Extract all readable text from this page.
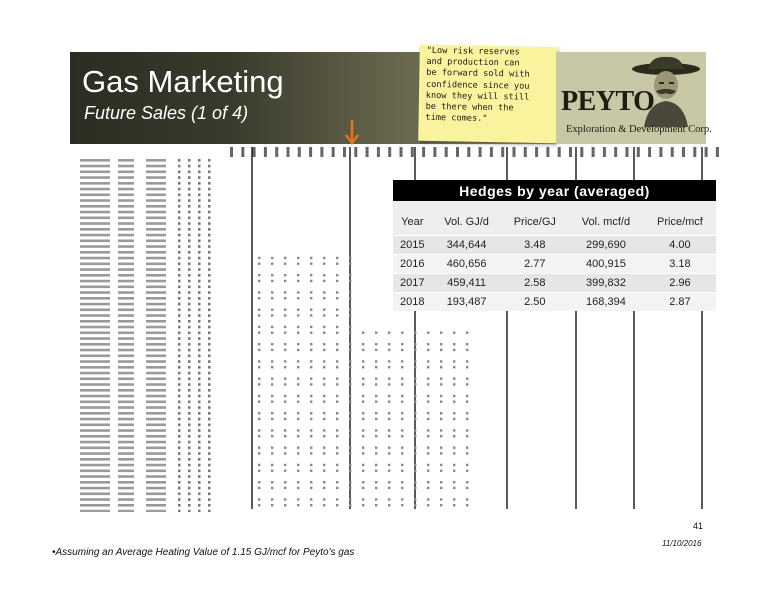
Gas Marketing
Future Sales (1 of 4)
"Low risk reserves
and production can
be forward sold with
confidence since you
know they will still
be there when the
time comes."
PEYTO
Exploration & Development Corp.
Hedges by year (averaged)				
Year	Vol. GJ/d	Price/GJ	Vol. mcf/d	Price/mcf
2015	344,644	3.48	299,690	4.00
2016	460,656	2.77	400,915	3.18
2017	459,411	2.58	399,832	2.96
2018	193,487	2.50	168,394	2.87
41
11/10/2016
•Assuming an Average Heating Value of 1.15 GJ/mcf for Peyto's gas
